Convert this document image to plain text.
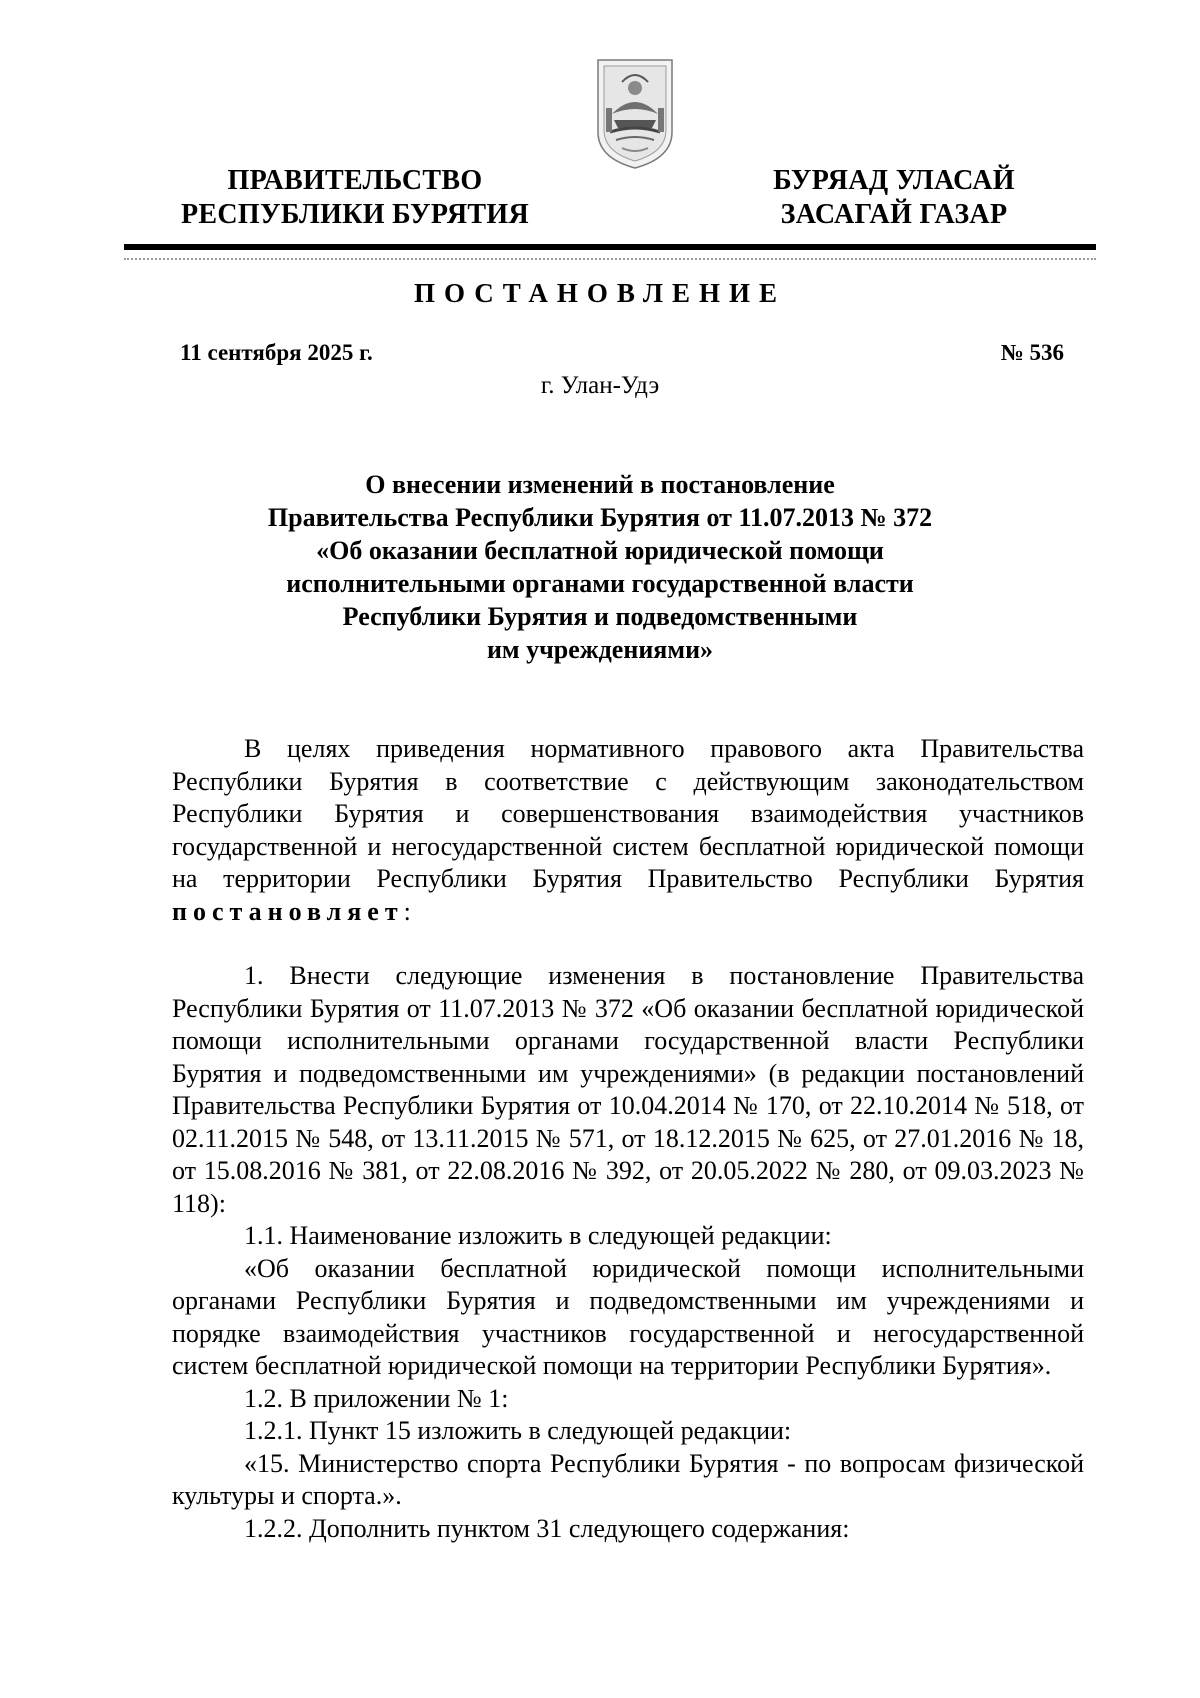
ПРАВИТЕЛЬСТВО
РЕСПУБЛИКИ БУРЯТИЯ
БУРЯАД УЛАСАЙ
ЗАСАГАЙ ГАЗАР
ПОСТАНОВЛЕНИЕ
11 сентября 2025 г.	№ 536
г. Улан-Удэ
О внесении изменений в постановление
Правительства Республики Бурятия от 11.07.2013 № 372
«Об оказании бесплатной юридической помощи
исполнительными органами государственной власти
Республики Бурятия и подведомственными
им учреждениями»

В целях приведения нормативного правового акта Правительства Республики Бурятия в соответствие с действующим законодательством Республики Бурятия и совершенствования взаимодействия участников государственной и негосударственной систем бесплатной юридической помощи на территории Республики Бурятия Правительство Республики Бурятия постановляет:

1. Внести следующие изменения в постановление Правительства Республики Бурятия от 11.07.2013 № 372 «Об оказании бесплатной юридической помощи исполнительными органами государственной власти Республики Бурятия и подведомственными им учреждениями» (в редакции постановлений Правительства Республики Бурятия от 10.04.2014 № 170, от 22.10.2014 № 518, от 02.11.2015 № 548, от 13.11.2015 № 571, от 18.12.2015 № 625, от 27.01.2016 № 18, от 15.08.2016 № 381, от 22.08.2016 № 392, от 20.05.2022 № 280, от 09.03.2023 № 118):

1.1. Наименование изложить в следующей редакции:

«Об оказании бесплатной юридической помощи исполнительными органами Республики Бурятия и подведомственными им учреждениями и порядке взаимодействия участников государственной и негосударственной систем бесплатной юридической помощи на территории Республики Бурятия».

1.2. В приложении № 1:

1.2.1. Пункт 15 изложить в следующей редакции:

«15. Министерство спорта Республики Бурятия - по вопросам физической культуры и спорта.».

1.2.2. Дополнить пунктом 31 следующего содержания:
